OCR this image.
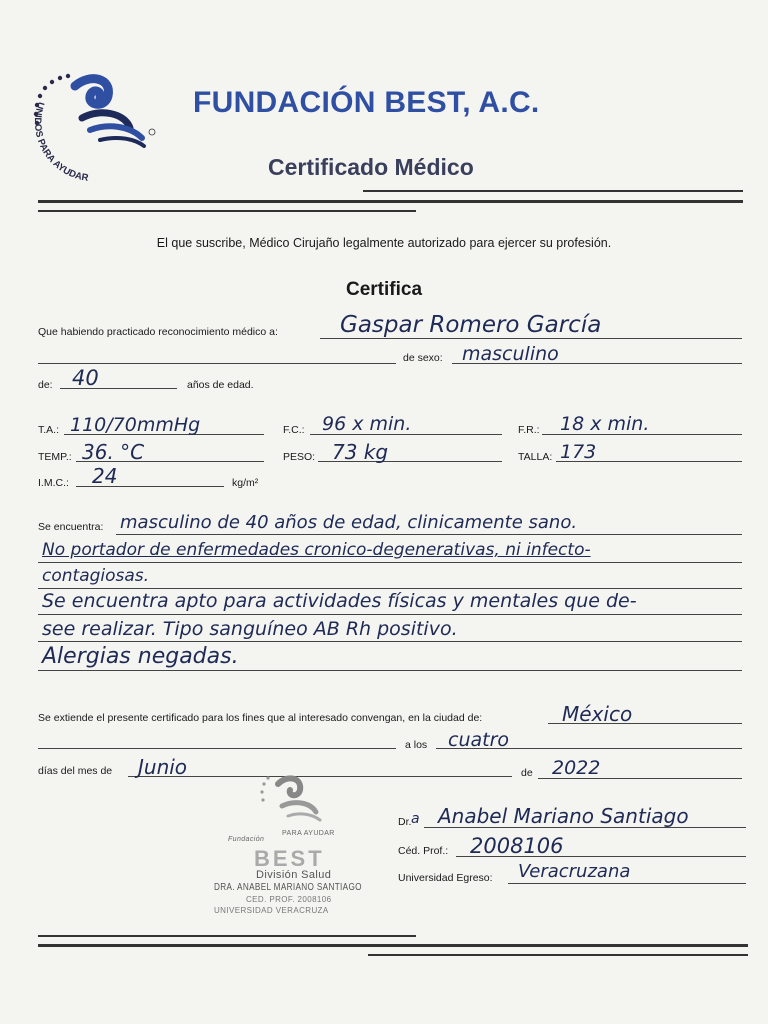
UNIDOS PARA AYUDAR
FUNDACIÓN BEST, A.C.
Certificado Médico
El que suscribe, Médico Cirujaño legalmente autorizado para ejercer su profesión.
Certifica
Que habiendo practicado reconocimiento médico a:	Gaspar Romero García
de sexo: masculino
de: 40	años de edad.
T.A.: 110/70mmHg	F.C.: 96 x min.	F.R.: 18 x min.
TEMP.: 36. °C	PESO: 73 kg	TALLA: 173
I.M.C.: 24	kg/m²
Se encuentra: masculino de 40 años de edad, clinicamente sano.
No portador de enfermedades cronico-degenerativas, ni infecto-
contagiosas.
Se encuentra apto para actividades físicas y mentales que de-
see realizar. Tipo sanguíneo AB Rh positivo.
Alergias negadas.
Se extiende el presente certificado para los fines que al interesado convengan, en la ciudad de:	México
a los cuatro
días del mes de Junio	de 2022
Fundación
PARA AYUDAR
BEST
División Salud
DRA. ANABEL MARIANO SANTIAGO
CED. PROF. 2008106
UNIVERSIDAD VERACRUZA
Dr. a Anabel Mariano Santiago
Céd. Prof.: 2008106
Universidad Egreso: Veracruzana
